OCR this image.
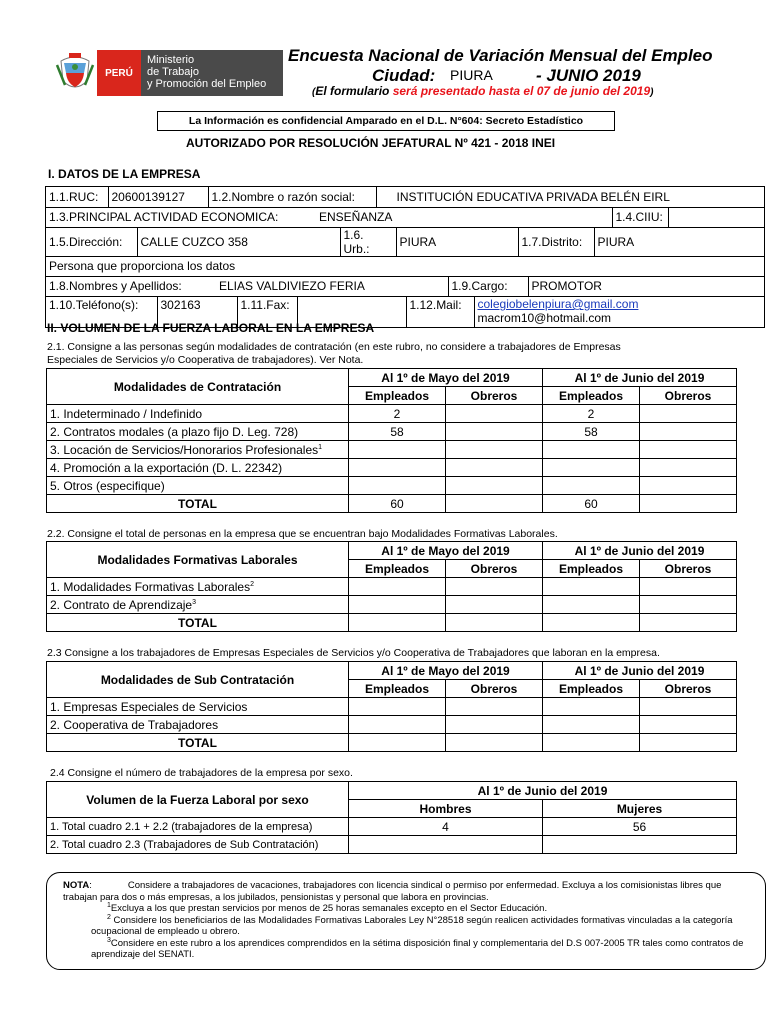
PERÚ
Ministerio
de Trabajo
y Promoción del Empleo
Encuesta Nacional de Variación Mensual del Empleo
Ciudad: PIURA	- JUNIO 2019
(El formulario será presentado hasta el 07 de junio del 2019)
La Información es confidencial Amparado en el D.L. N°604: Secreto Estadístico
AUTORIZADO POR RESOLUCIÓN JEFATURAL Nº 421 - 2018 INEI
I. DATOS DE LA EMPRESA
1.1.RUC:	20600139127	1.2.Nombre o razón social:	INSTITUCIÓN EDUCATIVA PRIVADA BELÉN EIRL

1.3.PRINCIPAL ACTIVIDAD ECONOMICA:	ENSEÑANZA	1.4.CIIU:	

1.5.Dirección:	CALLE CUZCO 358	1.6. Urb.:	PIURA	1.7.Distrito:	PIURA

Persona que proporciona los datos

1.8.Nombres y Apellidos:	ELIAS VALDIVIEZO FERIA	1.9.Cargo:	PROMOTOR

1.10.Teléfono(s):	302163	1.11.Fax:		1.12.Mail:	colegiobelenpiura@gmail.com
macrom10@hotmail.com
II. VOLUMEN DE LA FUERZA LABORAL EN LA EMPRESA
2.1. Consigne a las personas según modalidades de contratación (en este rubro, no considere a trabajadores de Empresas
Especiales de Servicios y/o Cooperativa de trabajadores). Ver Nota.
Modalidades de Contratación	Al 1º de Mayo del 2019		Al 1º de Junio del 2019	
	Empleados	Obreros	Empleados	Obreros
1. Indeterminado / Indefinido	2		2	
2. Contratos modales (a plazo fijo D. Leg. 728)	58		58	
3. Locación de Servicios/Honorarios Profesionales$^1$				
4. Promoción a la exportación (D. L. 22342)				
5. Otros (especifique)				
TOTAL	60		60	
2.2. Consigne el total de personas en la empresa que se encuentran bajo Modalidades Formativas Laborales.
Modalidades Formativas Laborales	Al 1º de Mayo del 2019		Al 1º de Junio del 2019	
	Empleados	Obreros	Empleados	Obreros
1. Modalidades Formativas Laborales$^2$				
2. Contrato de Aprendizaje$^3$				
TOTAL				
2.3 Consigne a los trabajadores de Empresas Especiales de Servicios y/o Cooperativa de Trabajadores que laboran en la empresa.
Modalidades de Sub Contratación	Al 1º de Mayo del 2019		Al 1º de Junio del 2019	
	Empleados	Obreros	Empleados	Obreros
1. Empresas Especiales de Servicios				
2. Cooperativa de Trabajadores				
TOTAL				
2.4 Consigne el número de trabajadores de la empresa por sexo.
Volumen de la Fuerza Laboral por sexo	Al 1º de Junio del 2019	
	Hombres	Mujeres
1. Total cuadro 2.1 + 2.2 (trabajadores de la empresa)	4	56
2. Total cuadro 2.3 (Trabajadores de Sub Contratación)		

NOTA:	Considere a trabajadores de vacaciones, trabajadores con licencia sindical o permiso por enfermedad. Excluya a los comisionistas libres que trabajan para dos o más empresas, a los jubilados, pensionistas y personal que labora en provincias.

$^1$Excluya a los que prestan servicios por menos de 25 horas semanales excepto en el Sector Educación.

$^2$ Considere los beneficiarios de las Modalidades Formativas Laborales Ley N°28518 según realicen actividades formativas vinculadas a la categoría ocupacional de empleado u obrero.

$^3$Considere en este rubro a los aprendices comprendidos en la sétima disposición final y complementaria del D.S 007-2005 TR tales como contratos de aprendizaje del SENATI.
